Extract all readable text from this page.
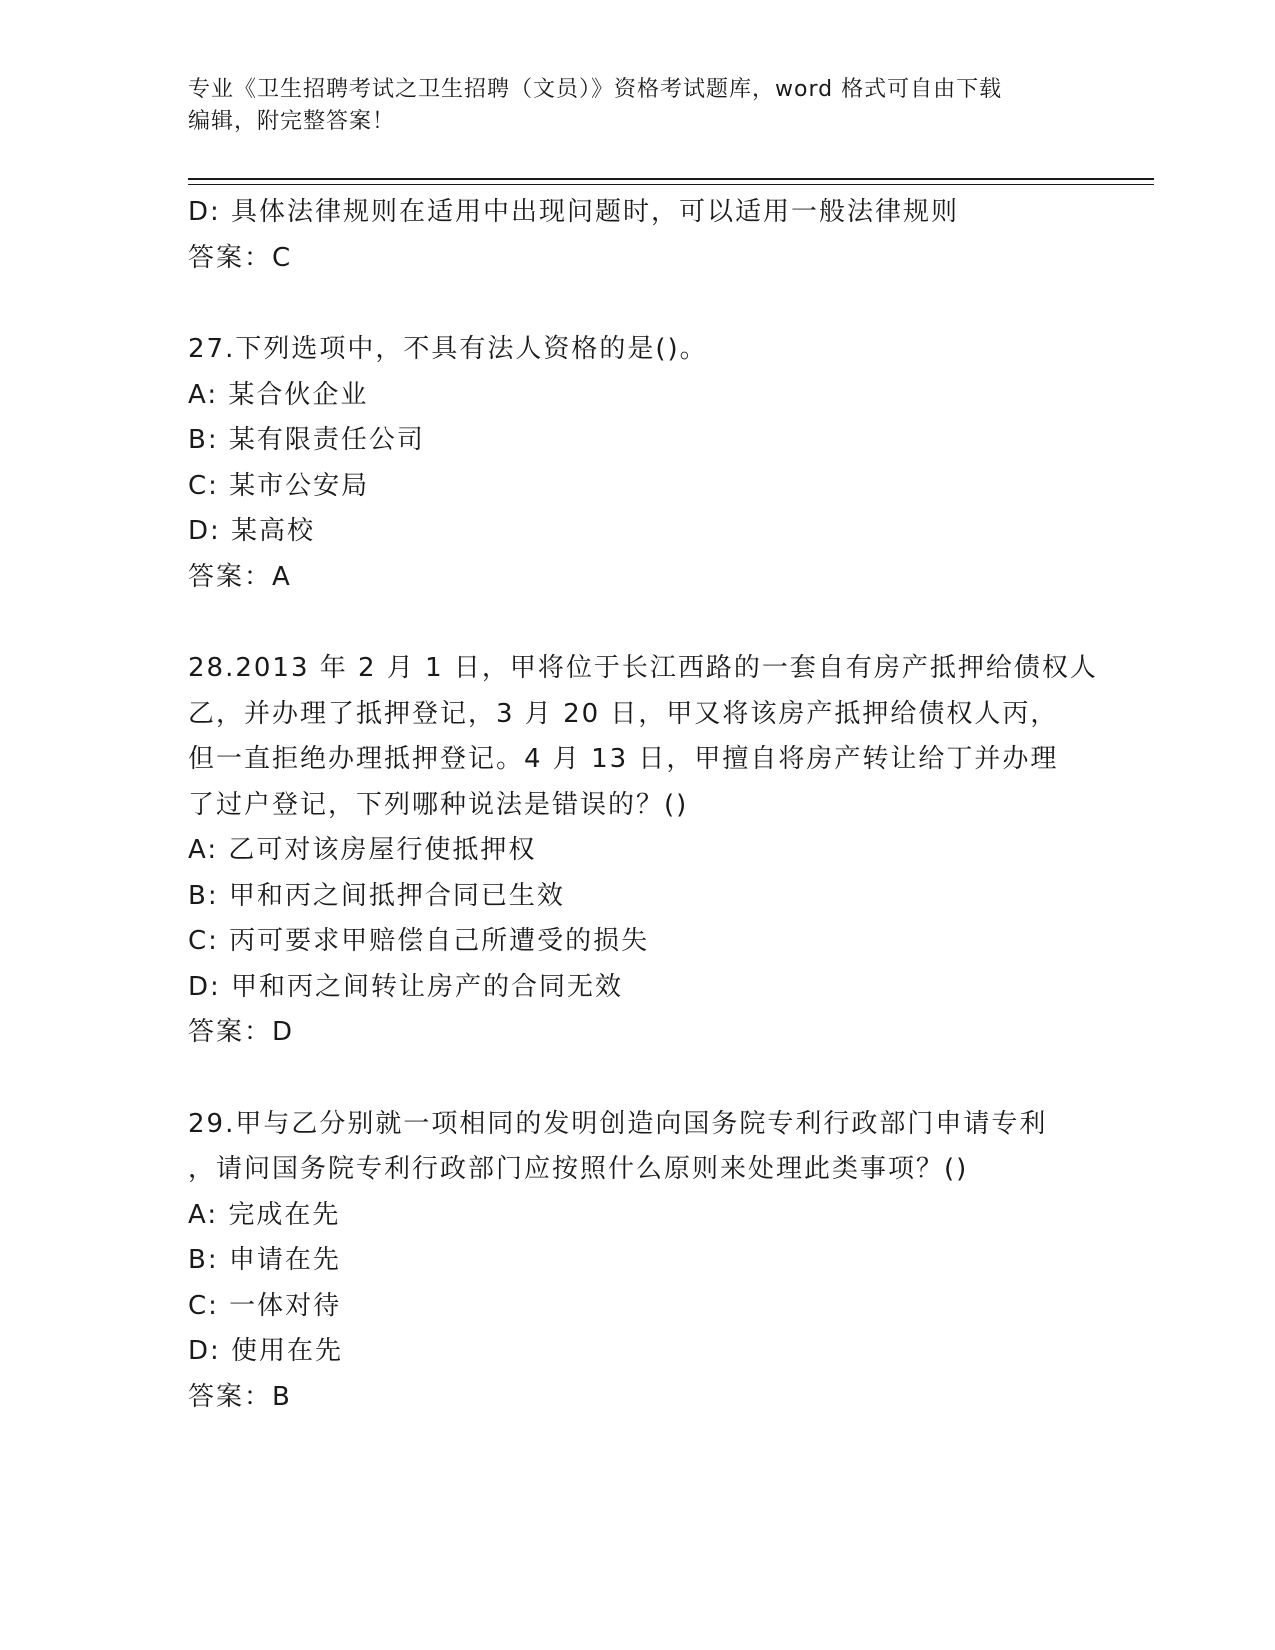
专业《卫生招聘考试之卫生招聘（文员）》资格考试题库，word 格式可自由下载
编辑，附完整答案！
D: 具体法律规则在适用中出现问题时，可以适用一般法律规则
答案：C
27.下列选项中，不具有法人资格的是()。
A: 某合伙企业
B: 某有限责任公司
C: 某市公安局
D: 某高校
答案：A
28.2013 年 2 月 1 日，甲将位于长江西路的一套自有房产抵押给债权人
乙，并办理了抵押登记，3 月 20 日，甲又将该房产抵押给债权人丙，
但一直拒绝办理抵押登记。4 月 13 日，甲擅自将房产转让给丁并办理
了过户登记，下列哪种说法是错误的？()
A: 乙可对该房屋行使抵押权
B: 甲和丙之间抵押合同已生效
C: 丙可要求甲赔偿自己所遭受的损失
D: 甲和丙之间转让房产的合同无效
答案：D
29.甲与乙分别就一项相同的发明创造向国务院专利行政部门申请专利
，请问国务院专利行政部门应按照什么原则来处理此类事项？()
A: 完成在先
B: 申请在先
C: 一体对待
D: 使用在先
答案：B
